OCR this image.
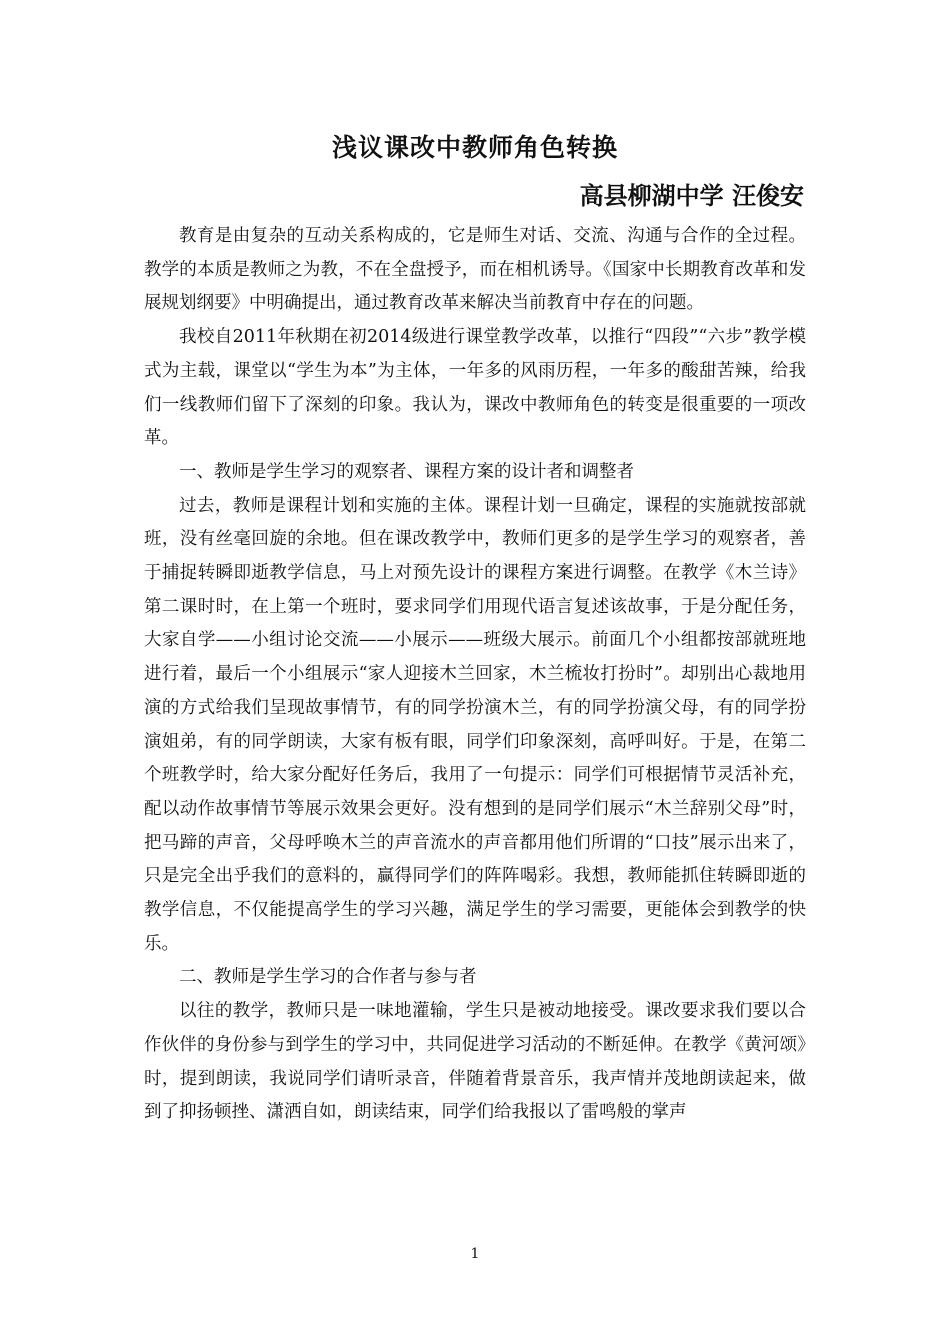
浅议课改中教师角色转换
高县柳湖中学 汪俊安

教育是由复杂的互动关系构成的，它是师生对话、交流、沟通与合作的全过程。教学的本质是教师之为教，不在全盘授予，而在相机诱导。《国家中长期教育改革和发展规划纲要》中明确提出，通过教育改革来解决当前教育中存在的问题。

我校自2011年秋期在初2014级进行课堂教学改革，以推行“四段”“六步”教学模式为主载，课堂以“学生为本”为主体，一年多的风雨历程，一年多的酸甜苦辣，给我们一线教师们留下了深刻的印象。我认为，课改中教师角色的转变是很重要的一项改革。

一、教师是学生学习的观察者、课程方案的设计者和调整者

过去，教师是课程计划和实施的主体。课程计划一旦确定，课程的实施就按部就班，没有丝毫回旋的余地。但在课改教学中，教师们更多的是学生学习的观察者，善于捕捉转瞬即逝教学信息，马上对预先设计的课程方案进行调整。在教学《木兰诗》第二课时时，在上第一个班时，要求同学们用现代语言复述该故事，于是分配任务，大家自学——小组讨论交流——小展示——班级大展示。前面几个小组都按部就班地进行着，最后一个小组展示“家人迎接木兰回家，木兰梳妆打扮时”。却别出心裁地用演的方式给我们呈现故事情节，有的同学扮演木兰，有的同学扮演父母，有的同学扮演姐弟，有的同学朗读，大家有板有眼，同学们印象深刻，高呼叫好。于是，在第二个班教学时，给大家分配好任务后，我用了一句提示：同学们可根据情节灵活补充，配以动作故事情节等展示效果会更好。没有想到的是同学们展示“木兰辞别父母”时，把马蹄的声音，父母呼唤木兰的声音流水的声音都用他们所谓的“口技”展示出来了，只是完全出乎我们的意料的，赢得同学们的阵阵喝彩。我想，教师能抓住转瞬即逝的教学信息，不仅能提高学生的学习兴趣，满足学生的学习需要，更能体会到教学的快乐。

二、教师是学生学习的合作者与参与者

以往的教学，教师只是一味地灌输，学生只是被动地接受。课改要求我们要以合作伙伴的身份参与到学生的学习中，共同促进学习活动的不断延伸。在教学《黄河颂》时，提到朗读，我说同学们请听录音，伴随着背景音乐，我声情并茂地朗读起来，做到了抑扬顿挫、潇洒自如，朗读结束，同学们给我报以了雷鸣般的掌声

1
